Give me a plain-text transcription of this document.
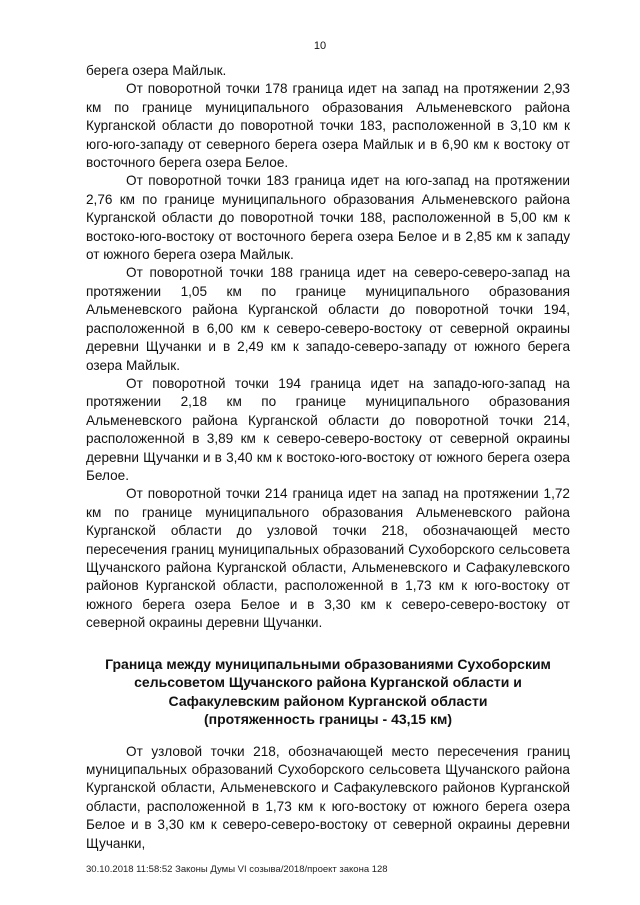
10

берега озера Майлык.

От поворотной точки 178 граница идет на запад на протяжении 2,93 км по границе муниципального образования Альменевского района Курганской области до поворотной точки 183, расположенной в 3,10 км к юго-юго-западу от северного берега озера Майлык и в 6,90 км к востоку от восточного берега озера Белое.

От поворотной точки 183 граница идет на юго-запад на протяжении 2,76 км по границе муниципального образования Альменевского района Курганской области до поворотной точки 188, расположенной в 5,00 км к востоко-юго-востоку от восточного берега озера Белое и в 2,85 км к западу от южного берега озера Майлык.

От поворотной точки 188 граница идет на северо-северо-запад на протяжении 1,05 км по границе муниципального образования Альменевского района Курганской области до поворотной точки 194, расположенной в 6,00 км к северо-северо-востоку от северной окраины деревни Щучанки и в 2,49 км к западо-северо-западу от южного берега озера Майлык.

От поворотной точки 194 граница идет на западо-юго-запад на протяжении 2,18 км по границе муниципального образования Альменевского района Курганской области до поворотной точки 214, расположенной в 3,89 км к северо-северо-востоку от северной окраины деревни Щучанки и в 3,40 км к востоко-юго-востоку от южного берега озера Белое.

От поворотной точки 214 граница идет на запад на протяжении 1,72 км по границе муниципального образования Альменевского района Курганской области до узловой точки 218, обозначающей место пересечения границ муниципальных образований Сухоборского сельсовета Щучанского района Курганской области, Альменевского и Сафакулевского районов Курганской области, расположенной в 1,73 км к юго-востоку от южного берега озера Белое и в 3,30 км к северо-северо-востоку от северной окраины деревни Щучанки.

Граница между муниципальными образованиями Сухоборским
сельсоветом Щучанского района Курганской области и
Сафакулевским районом Курганской области
(протяженность границы - 43,15 км)

От узловой точки 218, обозначающей место пересечения границ муниципальных образований Сухоборского сельсовета Щучанского района Курганской области, Альменевского и Сафакулевского районов Курганской области, расположенной в 1,73 км к юго-востоку от южного берега озера Белое и в 3,30 км к северо-северо-востоку от северной окраины деревни Щучанки,

30.10.2018 11:58:52 Законы Думы VI созыва/2018/проект закона 128
